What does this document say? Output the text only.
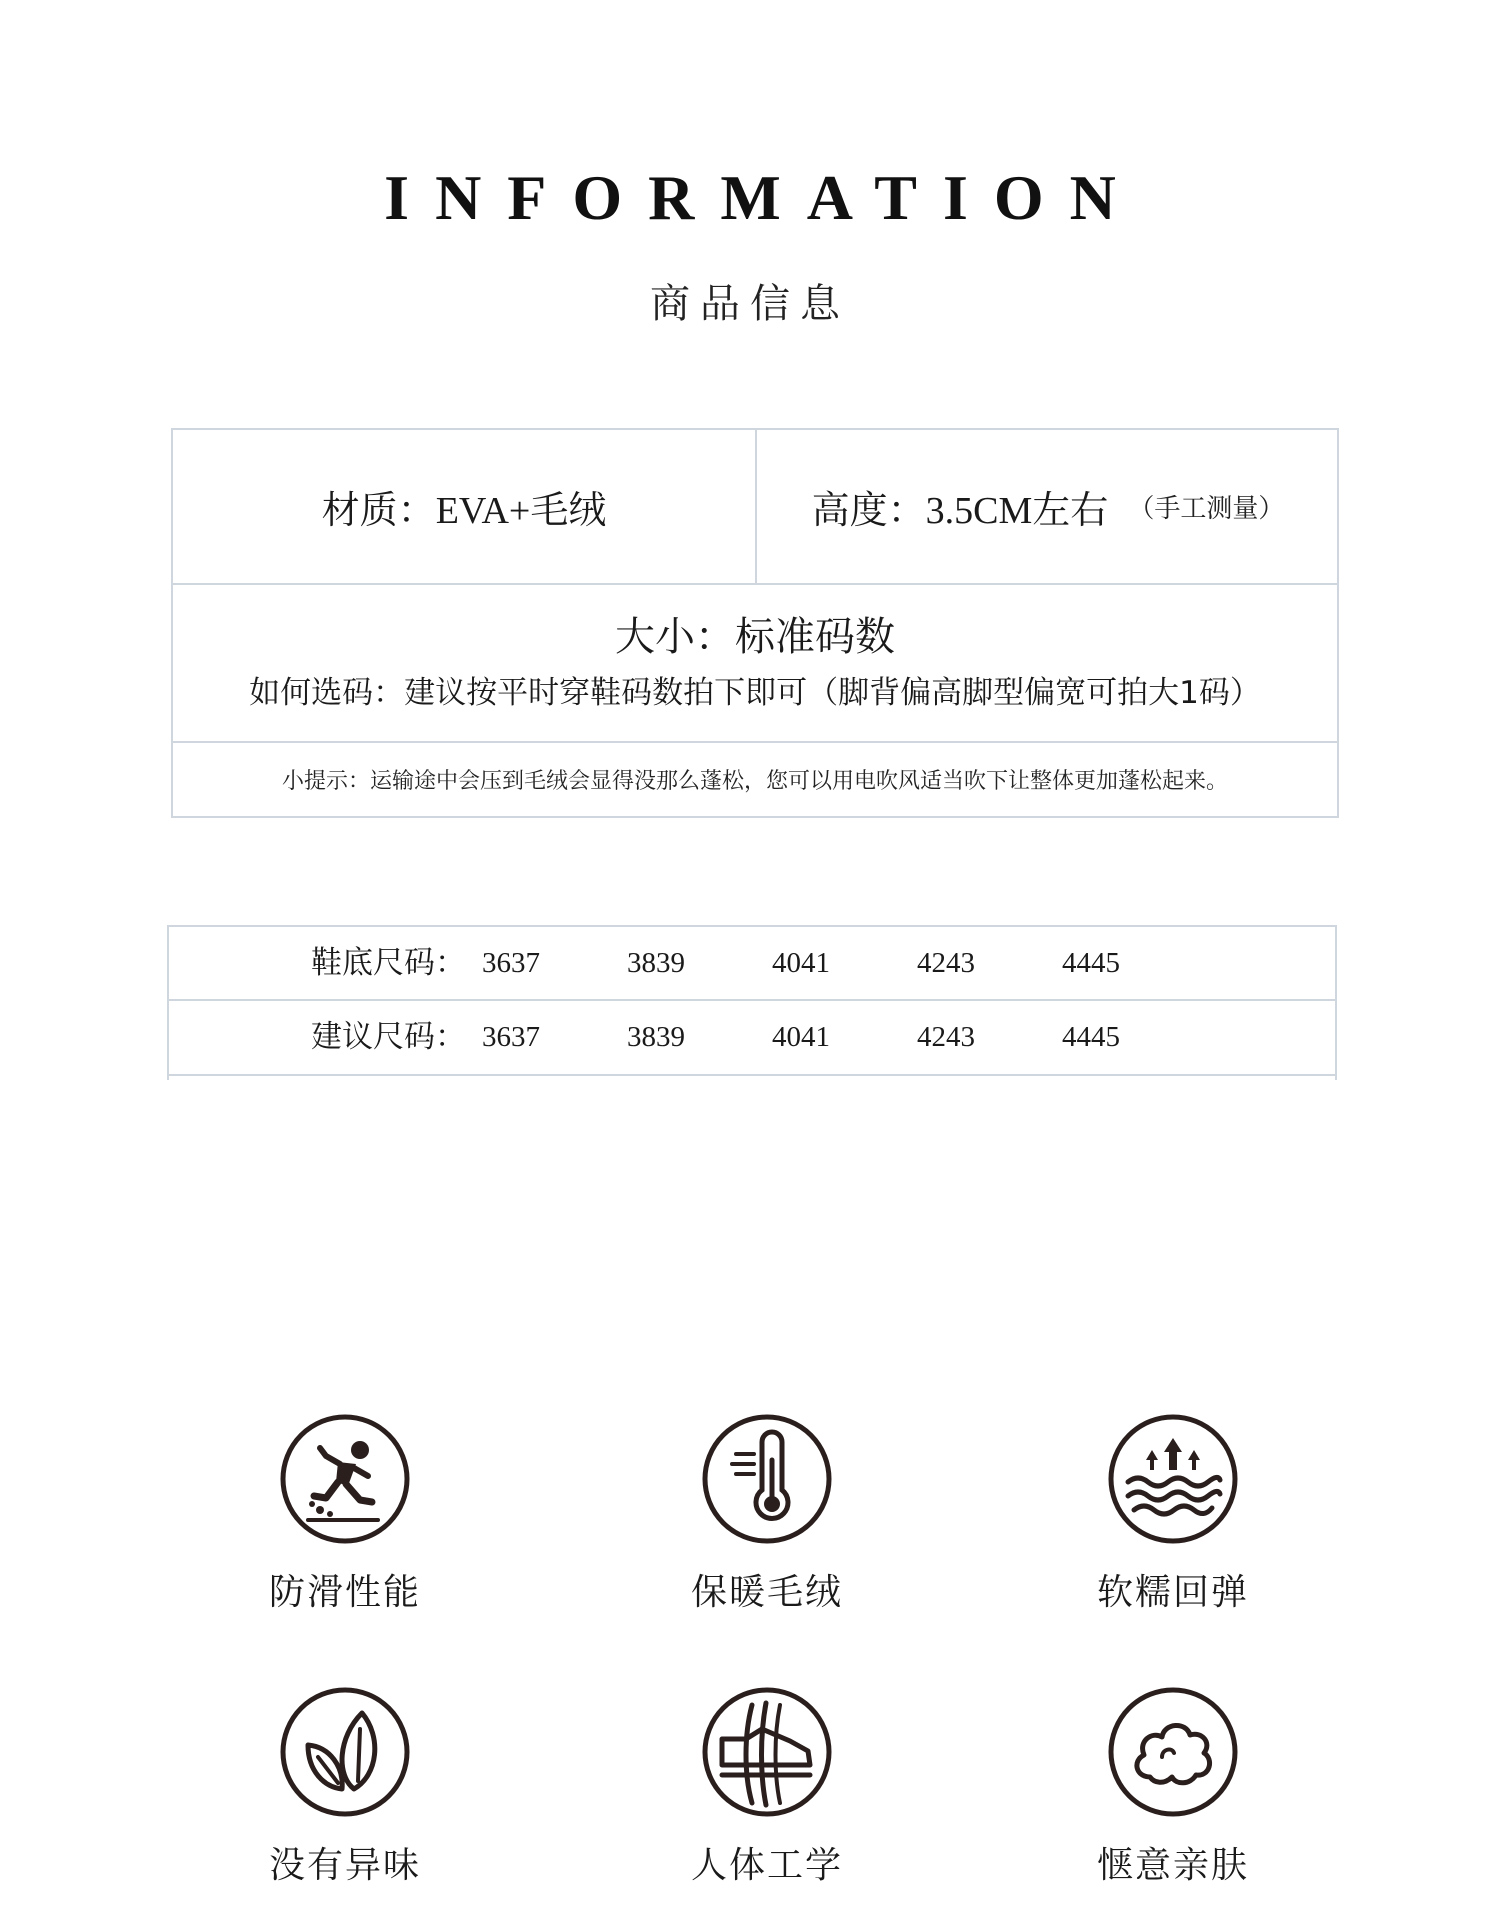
INFORMATION
商品信息
材质： EVA+毛绒	高度： 3.5CM左右 （手工测量）
大小：标准码数
如何选码：建议按平时穿鞋码数拍下即可（脚背偏高脚型偏宽可拍大1码）
小提示：运输途中会压到毛绒会显得没那么蓬松，您可以用电吹风适当吹下让整体更加蓬松起来。
鞋底尺码： 3637	3839	4041	4243	4445
建议尺码： 3637	3839	4041	4243	4445
防滑性能	保暖毛绒	软糯回弹
没有异味	人体工学	惬意亲肤
